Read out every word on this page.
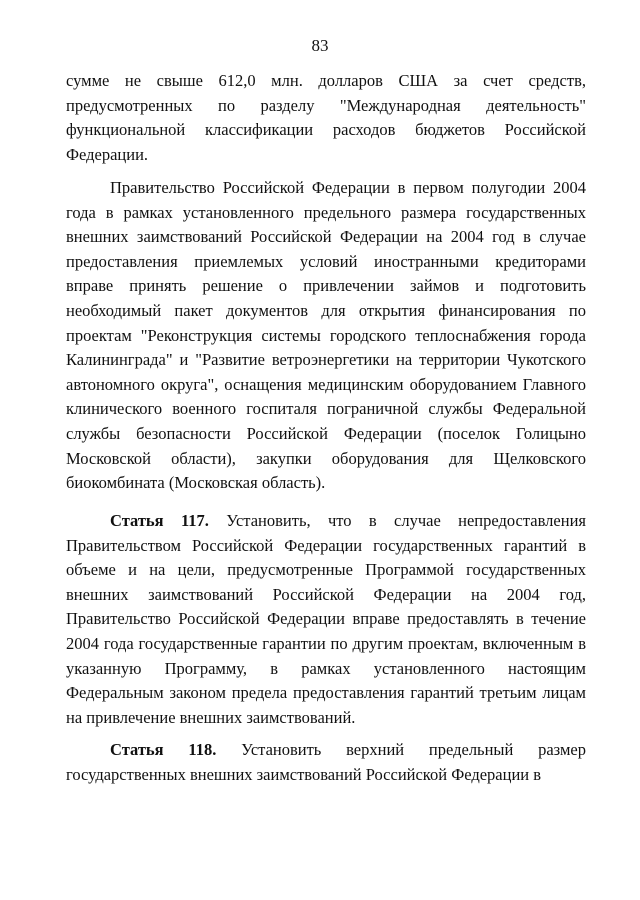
83

сумме не свыше 612,0 млн. долларов США за счет средств, предусмотренных по разделу "Международная деятельность" функциональной классификации расходов бюджетов Российской Федерации.

Правительство Российской Федерации в первом полугодии 2004 года в рамках установленного предельного размера государственных внешних заимствований Российской Федерации на 2004 год в случае предоставления приемлемых условий иностранными кредиторами вправе принять решение о привлечении займов и подготовить необходимый пакет документов для открытия финансирования по проектам "Реконструкция системы городского теплоснабжения города Калининграда" и "Развитие ветроэнергетики на территории Чукотского автономного округа", оснащения медицинским оборудованием Главного клинического военного госпиталя пограничной службы Федеральной службы безопасности Российской Федерации (поселок Голицыно Московской области), закупки оборудования для Щелковского биокомбината (Московская область).

Статья 117. Установить, что в случае непредоставления Правительством Российской Федерации государственных гарантий в объеме и на цели, предусмотренные Программой государственных внешних заимствований Российской Федерации на 2004 год, Правительство Российской Федерации вправе предоставлять в течение 2004 года государственные гарантии по другим проектам, включенным в указанную Программу, в рамках установленного настоящим Федеральным законом предела предоставления гарантий третьим лицам на привлечение внешних заимствований.

Статья 118. Установить верхний предельный размер государственных внешних заимствований Российской Федерации в
